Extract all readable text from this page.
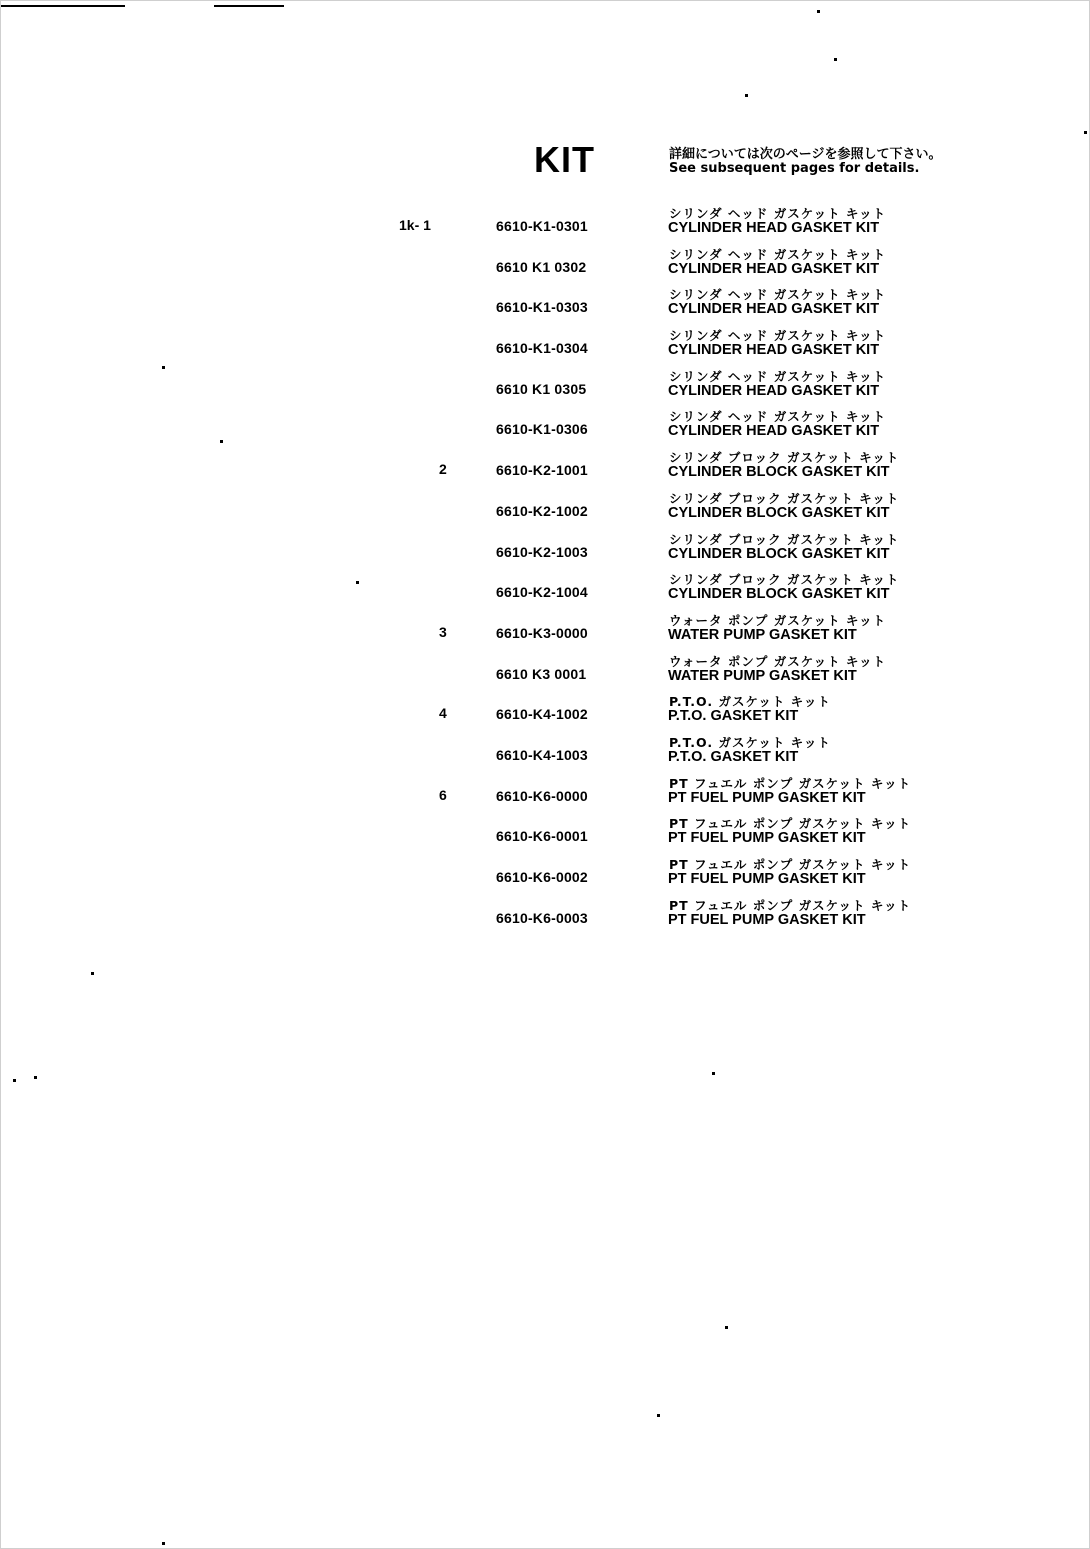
KIT	詳細については次のページを参照して下さい。
See subsequent pages for details.
1k- 1	6610-K1-0301
シリンダ ヘッド ガスケット キット
CYLINDER HEAD GASKET KIT
6610 K1 0302
シリンダ ヘッド ガスケット キット
CYLINDER HEAD GASKET KIT
6610-K1-0303
シリンダ ヘッド ガスケット キット
CYLINDER HEAD GASKET KIT
6610-K1-0304
シリンダ ヘッド ガスケット キット
CYLINDER HEAD GASKET KIT
6610 K1 0305
シリンダ ヘッド ガスケット キット
CYLINDER HEAD GASKET KIT
6610-K1-0306
シリンダ ヘッド ガスケット キット
CYLINDER HEAD GASKET KIT
2	6610-K2-1001
シリンダ ブロック ガスケット キット
CYLINDER BLOCK GASKET KIT
6610-K2-1002
シリンダ ブロック ガスケット キット
CYLINDER BLOCK GASKET KIT
6610-K2-1003
シリンダ ブロック ガスケット キット
CYLINDER BLOCK GASKET KIT
6610-K2-1004
シリンダ ブロック ガスケット キット
CYLINDER BLOCK GASKET KIT
3	6610-K3-0000
ウォータ ポンプ ガスケット キット
WATER PUMP GASKET KIT
6610 K3 0001
ウォータ ポンプ ガスケット キット
WATER PUMP GASKET KIT
4	6610-K4-1002
P.T.O. ガスケット キット
P.T.O. GASKET KIT
6610-K4-1003
P.T.O. ガスケット キット
P.T.O. GASKET KIT
6	6610-K6-0000
PT フュエル ポンプ ガスケット キット
PT FUEL PUMP GASKET KIT
6610-K6-0001
PT フュエル ポンプ ガスケット キット
PT FUEL PUMP GASKET KIT
6610-K6-0002
PT フュエル ポンプ ガスケット キット
PT FUEL PUMP GASKET KIT
6610-K6-0003
PT フュエル ポンプ ガスケット キット
PT FUEL PUMP GASKET KIT
